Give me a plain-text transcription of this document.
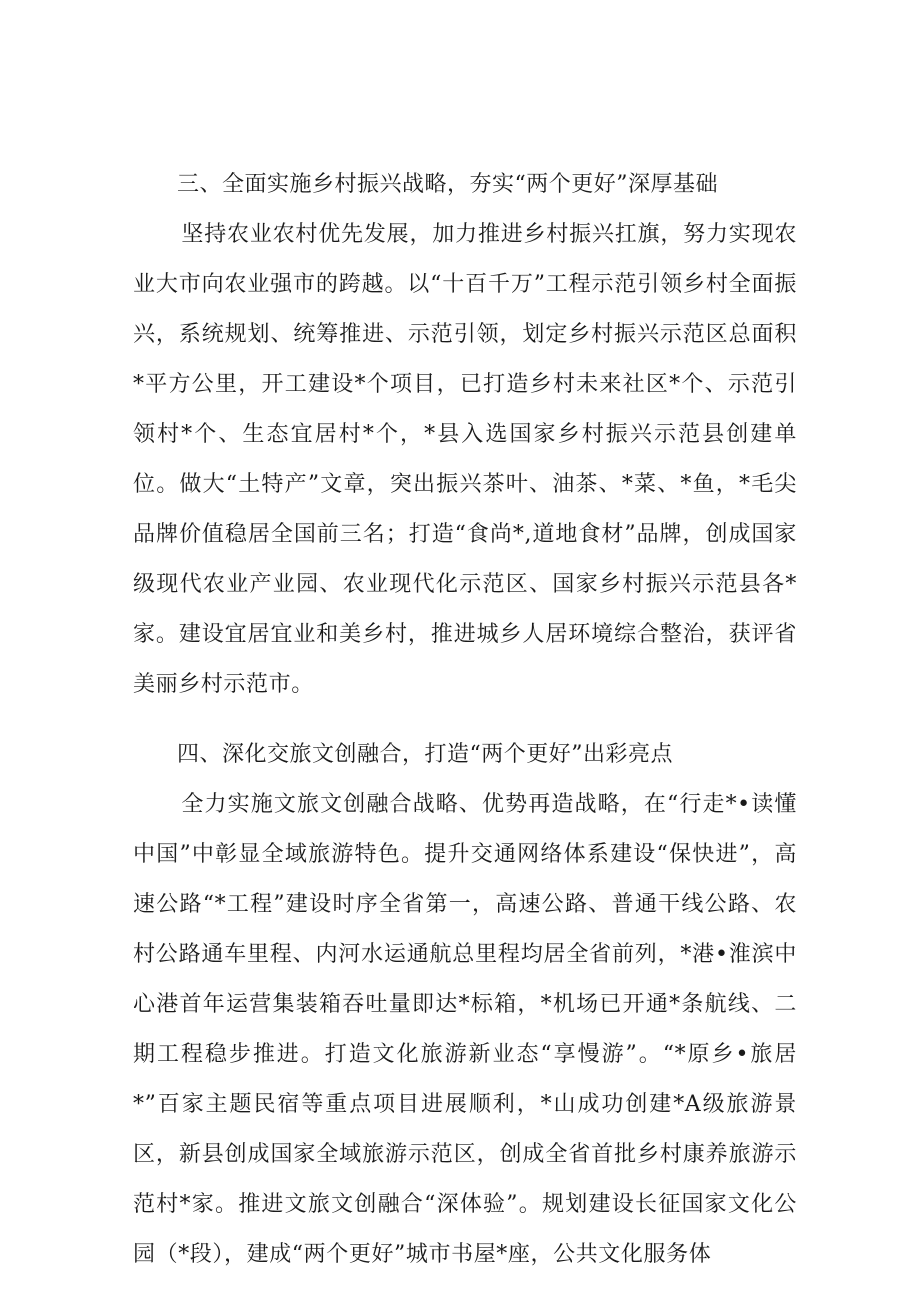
三、全面实施乡村振兴战略，夯实“两个更好”深厚基础

坚持农业农村优先发展，加力推进乡村振兴扛旗，努力实现农业大市向农业强市的跨越。以“十百千万”工程示范引领乡村全面振兴，系统规划、统筹推进、示范引领，划定乡村振兴示范区总面积*平方公里，开工建设*个项目，已打造乡村未来社区*个、示范引领村*个、生态宜居村*个，*县入选国家乡村振兴示范县创建单位。做大“土特产”文章，突出振兴茶叶、油茶、*菜、*鱼，*毛尖品牌价值稳居全国前三名；打造“食尚*,道地食材”品牌，创成国家级现代农业产业园、农业现代化示范区、国家乡村振兴示范县各*家。建设宜居宜业和美乡村，推进城乡人居环境综合整治，获评省美丽乡村示范市。

四、深化交旅文创融合，打造“两个更好”出彩亮点

全力实施文旅文创融合战略、优势再造战略，在“行走*•读懂中国”中彰显全域旅游特色。提升交通网络体系建设“保快进”，高速公路“*工程”建设时序全省第一，高速公路、普通干线公路、农村公路通车里程、内河水运通航总里程均居全省前列，*港•淮滨中心港首年运营集装箱吞吐量即达*标箱，*机场已开通*条航线、二期工程稳步推进。打造文化旅游新业态“享慢游”。“*原乡•旅居*”百家主题民宿等重点项目进展顺利，*山成功创建*A级旅游景区，新县创成国家全域旅游示范区，创成全省首批乡村康养旅游示范村*家。推进文旅文创融合“深体验”。规划建设长征国家文化公园（*段），建成“两个更好”城市书屋*座，公共文化服务体
